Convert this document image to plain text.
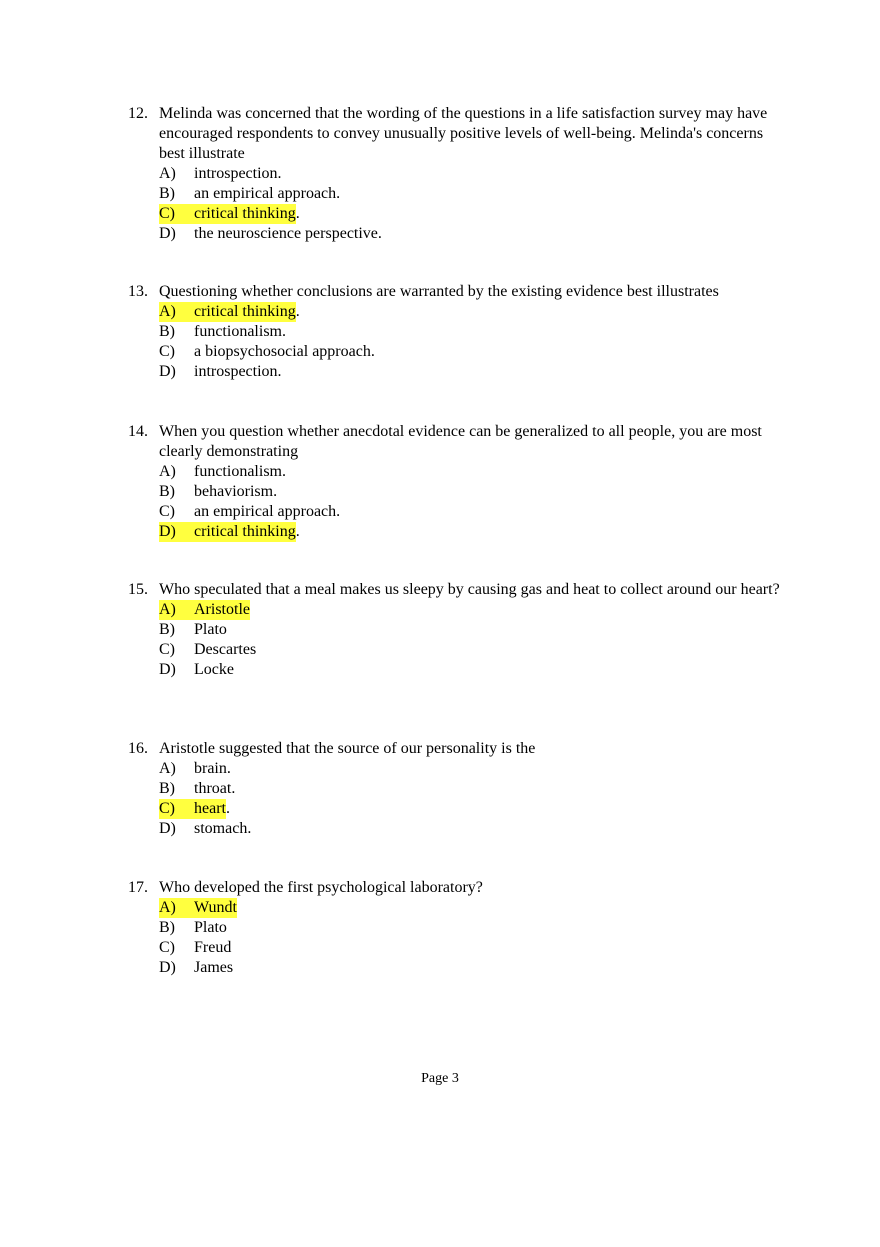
12. Melinda was concerned that the wording of the questions in a life satisfaction survey may have encouraged respondents to convey unusually positive levels of well-being. Melinda's concerns best illustrate
A)	introspection.
B)	an empirical approach.
C) critical thinking .
D)	the neuroscience perspective.
13. Questioning whether conclusions are warranted by the existing evidence best illustrates
A) critical thinking .
B)	functionalism.
C)	a biopsychosocial approach.
D)	introspection.
14. When you question whether anecdotal evidence can be generalized to all people, you are most clearly demonstrating
A)	functionalism.
B)	behaviorism.
C)	an empirical approach.
D) critical thinking .
15. Who speculated that a meal makes us sleepy by causing gas and heat to collect around our heart?
A) Aristotle
B)	Plato
C)	Descartes
D)	Locke
16. Aristotle suggested that the source of our personality is the
A)	brain.
B)	throat.
C) heart .
D)	stomach.
17. Who developed the first psychological laboratory?
A) Wundt
B)	Plato
C)	Freud
D)	James
Page 3
